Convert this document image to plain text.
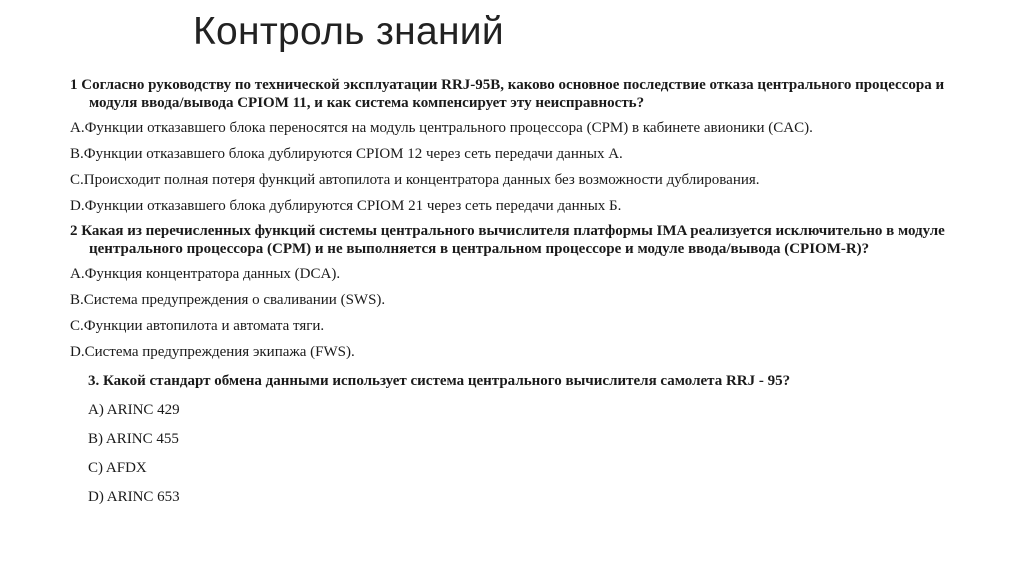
Контроль знаний
1 Согласно руководству по технической эксплуатации RRJ-95B, каково основное последствие отказа центрального процессора и
модуля ввода/вывода CPIOM 11, и как система компенсирует эту неисправность?
A.Функции отказавшего блока переносятся на модуль центрального процессора (CPM) в кабинете авионики (CAC).
B.Функции отказавшего блока дублируются CPIOM 12 через сеть передачи данных А.
C.Происходит полная потеря функций автопилота и концентратора данных без возможности дублирования.
D.Функции отказавшего блока дублируются CPIOM 21 через сеть передачи данных Б.
2 Какая из перечисленных функций системы центрального вычислителя платформы IMA реализуется исключительно в модуле
центрального процессора (CPM) и не выполняется в центральном процессоре и модуле ввода/вывода (CPIOM-R)?
A.Функция концентратора данных (DCA).
B.Система предупреждения о сваливании (SWS).
C.Функции автопилота и автомата тяги.
D.Система предупреждения экипажа (FWS).
3. Какой стандарт обмена данными использует система центрального вычислителя самолета RRJ - 95?
A) ARINC 429
B) ARINC 455
C) AFDX
D) ARINC 653
